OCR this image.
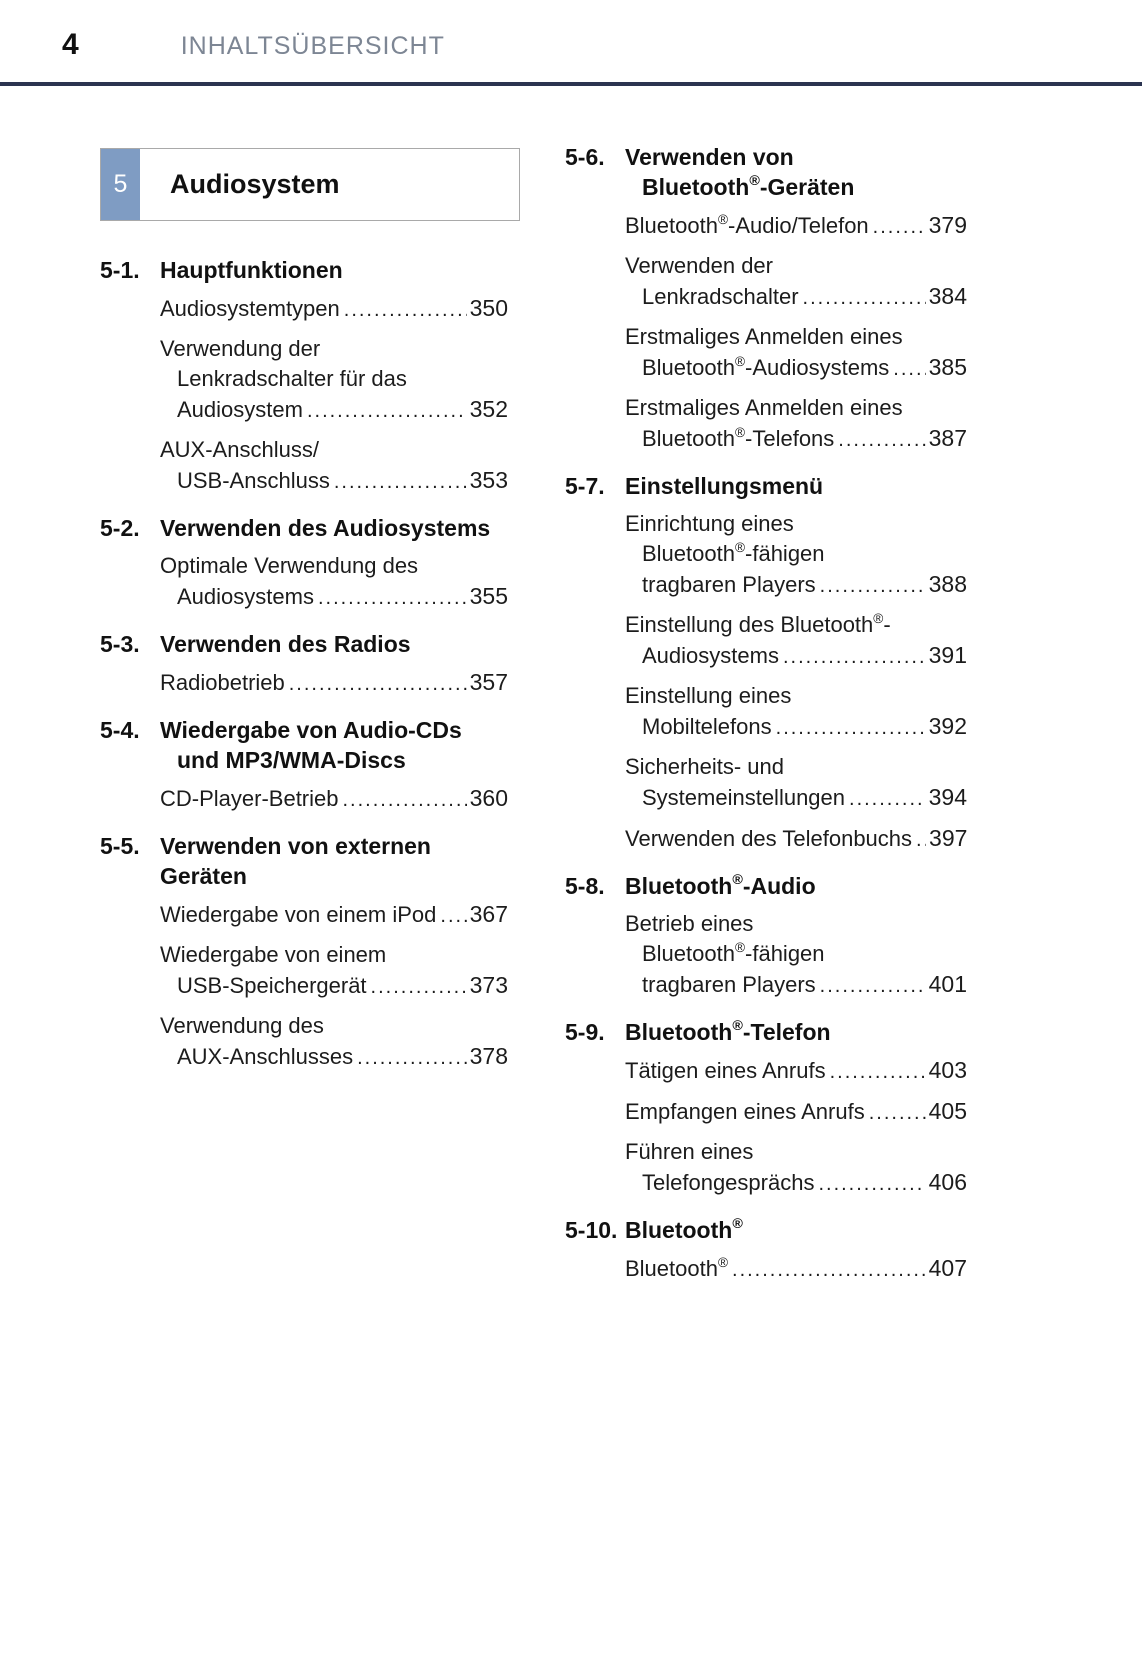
4	INHALTSÜBERSICHT
5	Audiosystem
5-1. Hauptfunktionen
Audiosystemtypen .....	350
Verwendung der
Lenkradschalter für das
Audiosystem .....	352
AUX-Anschluss/
USB-Anschluss .....	353
5-2. Verwenden des Audiosystems
Optimale Verwendung des
Audiosystems .....	355
5-3. Verwenden des Radios
Radiobetrieb .....	357
5-4. Wiedergabe von Audio-CDs
und MP3/WMA-Discs
CD-Player-Betrieb .....	360
5-5. Verwenden von externen Geräten
Wiedergabe von einem iPod ..... 367
Wiedergabe von einem
USB-Speichergerät .....	373
Verwendung des
AUX-Anschlusses .....	378
5-6. Verwenden von
Bluetooth®-Geräten
Bluetooth®-Audio/Telefon .....	379
Verwenden der
Lenkradschalter .....	384
Erstmaliges Anmelden eines
Bluetooth®-Audiosystems ..... 385
Erstmaliges Anmelden eines
Bluetooth®-Telefons .....	387
5-7. Einstellungsmenü
Einrichtung eines
Bluetooth®-fähigen
tragbaren Players .....	388
Einstellung des Bluetooth®-
Audiosystems .....	391
Einstellung eines
Mobiltelefons .....	392
Sicherheits- und
Systemeinstellungen .....	394
Verwenden des Telefonbuchs ..... 397
5-8. Bluetooth®-Audio
Betrieb eines
Bluetooth®-fähigen
tragbaren Players .....	401
5-9. Bluetooth®-Telefon
Tätigen eines Anrufs .....	403
Empfangen eines Anrufs .....	405
Führen eines
Telefongesprächs .....	406
5-10. Bluetooth®
Bluetooth® .....	407
